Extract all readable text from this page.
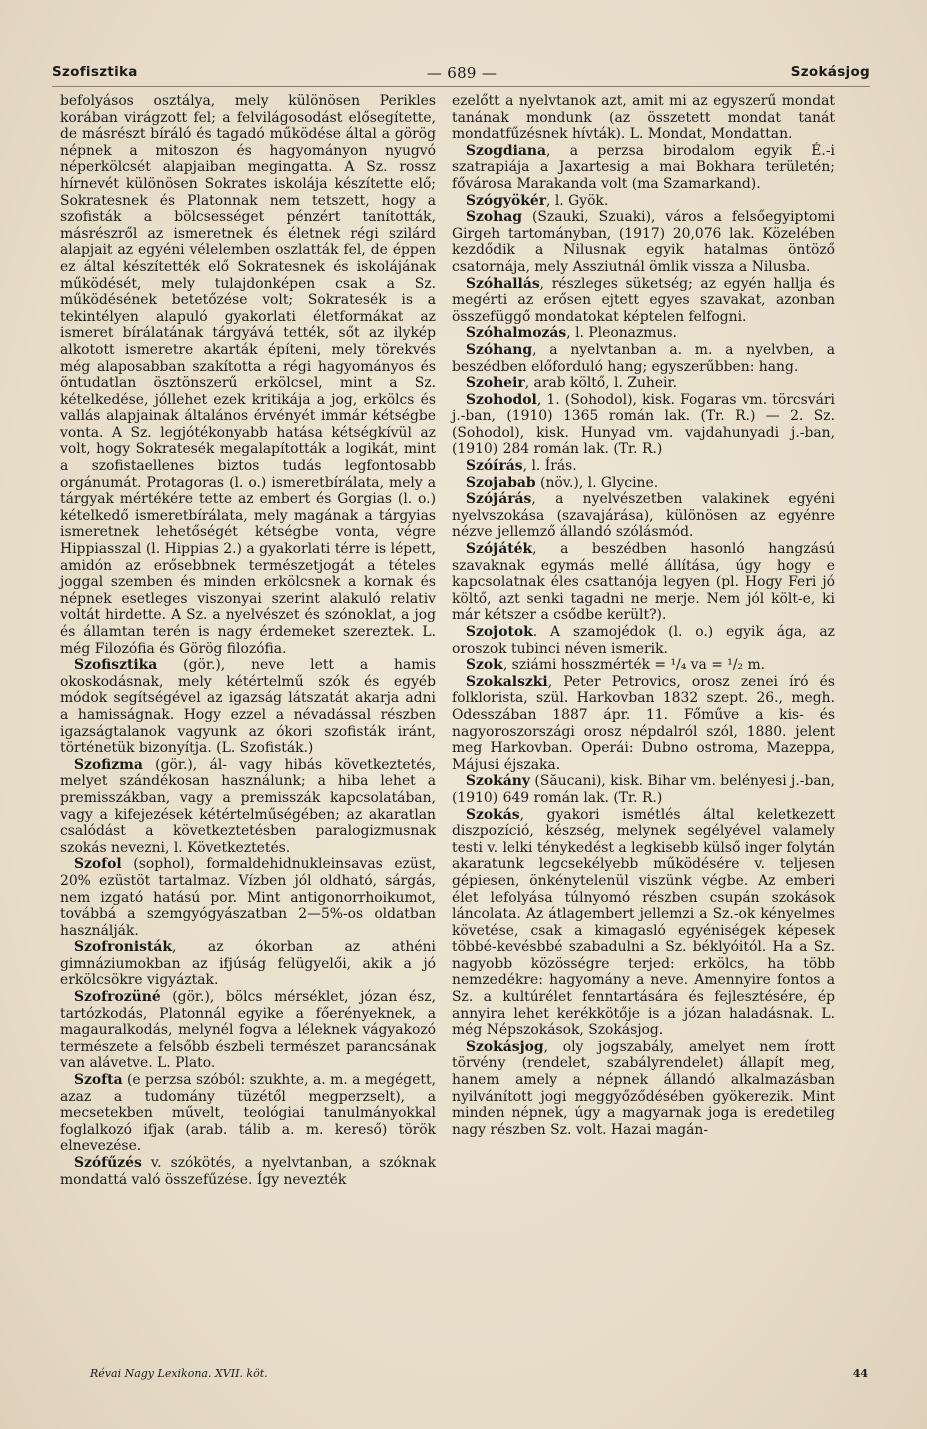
Szofisztika	— 689 —	Szokásjog

befolyásos osztálya, mely különösen Perikles korában virágzott fel; a felvilágosodást elősegítette, de másrészt bíráló és tagadó működése által a görög népnek a mitoszon és hagyományon nyugvó néperkölcsét alapjaiban megingatta. A Sz. rossz hírnevét különösen Sokrates iskolája készítette elő; Sokratesnek és Platonnak nem tetszett, hogy a szofisták a bölcsességet pénzért tanították, másrészről az ismeretnek és életnek régi szilárd alapjait az egyéni vélelemben oszlatták fel, de éppen ez által készítették elő Sokratesnek és iskolájának működését, mely tulajdonképen csak a Sz. működésének betetőzése volt; Sokratesék is a tekintélyen alapuló gyakorlati életformákat az ismeret bírálatának tárgyává tették, sőt az ilykép alkotott ismeretre akarták építeni, mely törekvés még alaposabban szakította a régi hagyományos és öntudatlan ösztönszerű erkölcsel, mint a Sz. kételkedése, jóllehet ezek kritikája a jog, erkölcs és vallás alapjainak általános érvényét immár kétségbe vonta. A Sz. legjótékonyabb hatása kétségkívül az volt, hogy Sokratesék megalapították a logikát, mint a szofistaellenes biztos tudás legfontosabb orgánumát. Protagoras (l. o.) ismeretbírálata, mely a tárgyak mértékére tette az embert és Gorgias (l. o.) kételkedő ismeretbírálata, mely magának a tárgyias ismeretnek lehetőségét kétségbe vonta, végre Hippiasszal (l. Hippias 2.) a gyakorlati térre is lépett, amidón az erősebbnek természetjogát a tételes joggal szemben és minden erkölcsnek a kornak és népnek esetleges viszonyai szerint alakuló relativ voltát hirdette. A Sz. a nyelvészet és szónoklat, a jog és államtan terén is nagy érdemeket szereztek. L. még Filozófia és Görög filozófia.

Szofisztika (gör.), neve lett a hamis okoskodásnak, mely kétértelmű szók és egyéb módok segítségével az igazság látszatát akarja adni a hamisságnak. Hogy ezzel a névadással részben igazságtalanok vagyunk az ókori szofisták iránt, történetük bizonyítja. (L. Szofisták.)

Szofizma (gör.), ál- vagy hibás következtetés, melyet szándékosan használunk; a hiba lehet a premisszákban, vagy a premisszák kapcsolatában, vagy a kifejezések kétértelműségében; az akaratlan csalódást a következtetésben paralogizmusnak szokás nevezni, l. Következtetés.

Szofol (sophol), formaldehidnukleinsavas ezüst, 20% ezüstöt tartalmaz. Vízben jól oldható, sárgás, nem izgató hatású por. Mint antigonorrhoikumot, továbbá a szemgyógyászatban 2—5%-os oldatban használják.

Szofronisták, az ókorban az athéni gimnáziumokban az ifjúság felügyelői, akik a jó erkölcsökre vigyáztak.

Szofrozüné (gör.), bölcs mérséklet, józan ész, tartózkodás, Platonnál egyike a főerényeknek, a magauralkodás, melynél fogva a léleknek vágyakozó természete a felsőbb észbeli természet parancsának van alávetve. L. Plato.

Szofta (e perzsa szóból: szukhte, a. m. a megégett, azaz a tudomány tüzétől megperzselt), a mecsetekben művelt, teológiai tanulmányokkal foglalkozó ifjak (arab. tálib a. m. kereső) török elnevezése.

Szófűzés v. szókötés, a nyelvtanban, a szóknak mondattá való összefűzése. Így nevezték

ezelőtt a nyelvtanok azt, amit mi az egyszerű mondat tanának mondunk (az összetett mondat tanát mondatfűzésnek hívták). L. Mondat, Mondattan.

Szogdiana, a perzsa birodalom egyik É.-i szatrapiája a Jaxartesig a mai Bokhara területén; fővárosa Marakanda volt (ma Szamarkand).

Szógyökér, l. Gyök.

Szohag (Szauki, Szuaki), város a felsőegyiptomi Girgeh tartományban, (1917) 20,076 lak. Közelében kezdődik a Nilusnak egyik hatalmas öntöző csatornája, mely Assziutnál ömlik vissza a Nilusba.

Szóhallás, részleges süketség; az egyén hallja és megérti az erősen ejtett egyes szavakat, azonban összefüggő mondatokat képtelen felfogni.

Szóhalmozás, l. Pleonazmus.

Szóhang, a nyelvtanban a. m. a nyelvben, a beszédben előforduló hang; egyszerűbben: hang.

Szoheir, arab költő, l. Zuheir.

Szohodol, 1. (Sohodol), kisk. Fogaras vm. törcsvári j.-ban, (1910) 1365 román lak. (Tr. R.) — 2. Sz. (Sohodol), kisk. Hunyad vm. vajdahunyadi j.-ban, (1910) 284 román lak. (Tr. R.)

Szóírás, l. Írás.

Szojabab (növ.), l. Glycine.

Szójárás, a nyelvészetben valakinek egyéni nyelvszokása (szavajárása), különösen az egyénre nézve jellemző állandó szólásmód.

Szójáték, a beszédben hasonló hangzású szavaknak egymás mellé állítása, úgy hogy e kapcsolatnak éles csattanója legyen (pl. Hogy Feri jó költő, azt senki tagadni ne merje. Nem jól költ-e, ki már kétszer a csődbe került?).

Szojotok. A szamojédok (l. o.) egyik ága, az oroszok tubinci néven ismerik.

Szok, sziámi hosszmérték = ¹/₄ va = ¹/₂ m.

Szokalszki, Peter Petrovics, orosz zenei író és folklorista, szül. Harkovban 1832 szept. 26., megh. Odesszában 1887 ápr. 11. Főműve a kis- és nagyoroszországi orosz népdalról szól, 1880. jelent meg Harkovban. Operái: Dubno ostroma, Mazeppa, Májusi éjszaka.

Szokány (Săucani), kisk. Bihar vm. belényesi j.-ban, (1910) 649 román lak. (Tr. R.)

Szokás, gyakori ismétlés által keletkezett diszpozíció, készség, melynek segélyével valamely testi v. lelki ténykedést a legkisebb külső inger folytán akaratunk legcsekélyebb működésére v. teljesen gépiesen, önkénytelenül viszünk végbe. Az emberi élet lefolyása túlnyomó részben csupán szokások láncolata. Az átlagembert jellemzi a Sz.-ok kényelmes követése, csak a kimagasló egyéniségek képesek többé-kevésbbé szabadulni a Sz. béklyóitól. Ha a Sz. nagyobb közösségre terjed: erkölcs, ha több nemzedékre: hagyomány a neve. Amennyire fontos a Sz. a kultúrélet fenntartására és fejlesztésére, ép annyira lehet kerékkötője is a józan haladásnak. L. még Népszokások, Szokásjog.

Szokásjog, oly jogszabály, amelyet nem írott törvény (rendelet, szabályrendelet) állapít meg, hanem amely a népnek állandó alkalmazásban nyilvánított jogi meggyőződésében gyökerezik. Mint minden népnek, úgy a magyarnak joga is eredetileg nagy részben Sz. volt. Hazai magán-

Révai Nagy Lexikona. XVII. köt.	44
